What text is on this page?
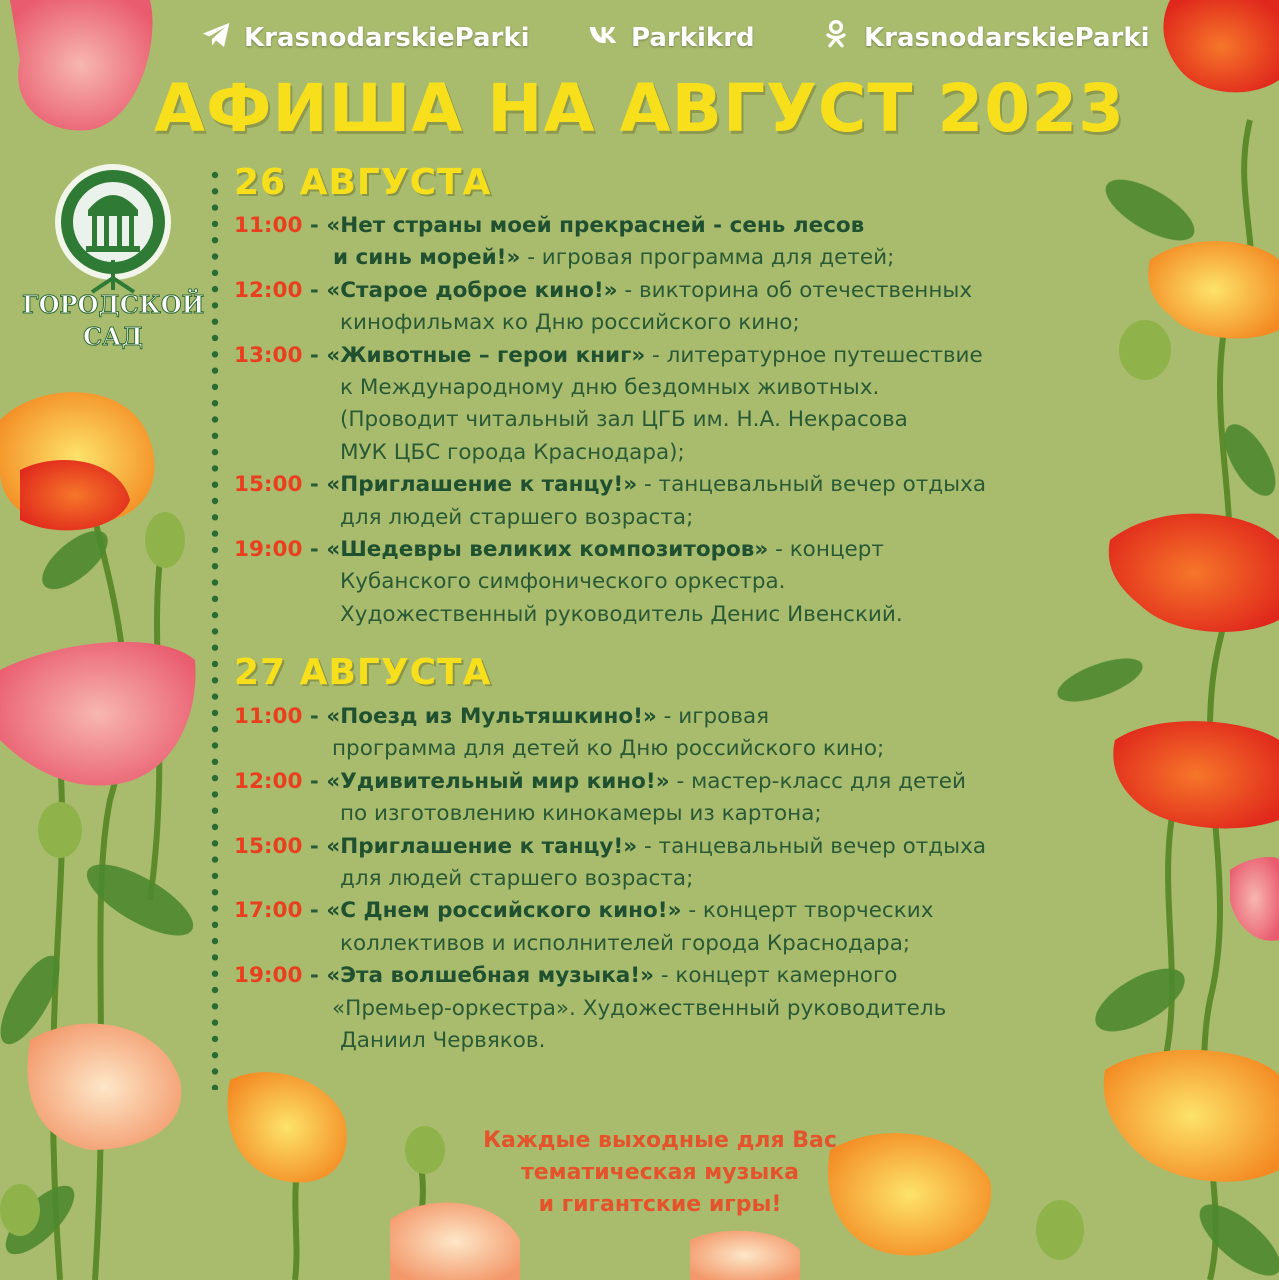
KrasnodarskieParki	Parkikrd	KrasnodarskieParki
АФИША НА АВГУСТ 2023
ГОРОДСКОЙ
САД
26 АВГУСТА
11:00 - «Нет страны моей прекрасней - сень лесов
и синь морей!» - игровая программа для детей;
12:00 - «Старое доброе кино!» - викторина об отечественных
кинофильмах ко Дню российского кино;
13:00 - «Животные – герои книг» - литературное путешествие
к Международному дню бездомных животных.
(Проводит читальный зал ЦГБ им. Н.А. Некрасова
МУК ЦБС города Краснодара);
15:00 - «Приглашение к танцу!» - танцевальный вечер отдыха
для людей старшего возраста;
19:00 - «Шедевры великих композиторов» - концерт
Кубанского симфонического оркестра.
Художественный руководитель Денис Ивенский.
27 АВГУСТА
11:00 - «Поезд из Мультяшкино!» - игровая
программа для детей ко Дню российского кино;
12:00 - «Удивительный мир кино!» - мастер-класс для детей
по изготовлению кинокамеры из картона;
15:00 - «Приглашение к танцу!» - танцевальный вечер отдыха
для людей старшего возраста;
17:00 - «С Днем российского кино!» - концерт творческих
коллективов и исполнителей города Краснодара;
19:00 - «Эта волшебная музыка!» - концерт камерного
«Премьер-оркестра». Художественный руководитель
Даниил Червяков.
Каждые выходные для Вас
тематическая музыка
и гигантские игры!
